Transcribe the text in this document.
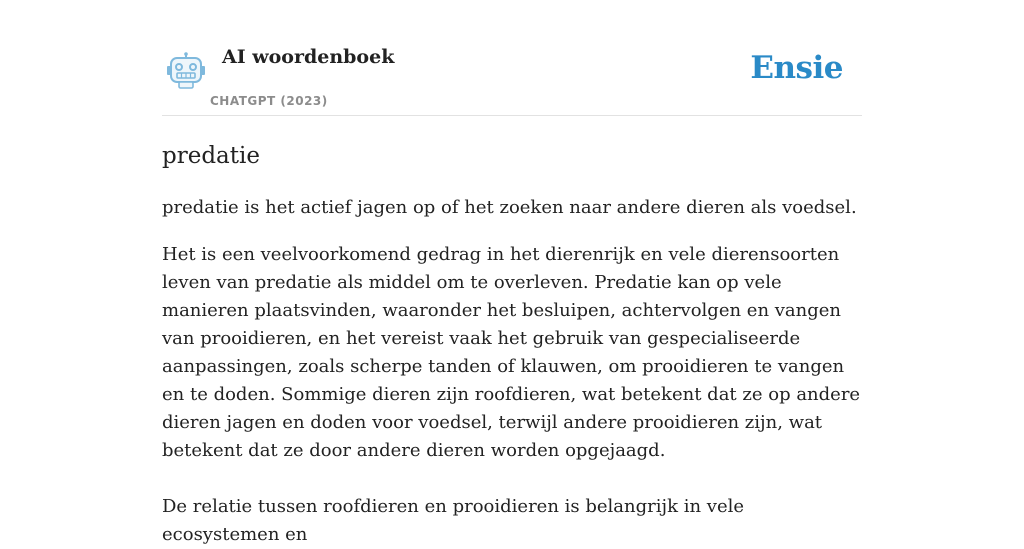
AI woordenboek
CHATGPT (2023)
Ensie
predatie

predatie is het actief jagen op of het zoeken naar andere dieren als voedsel.

Het is een veelvoorkomend gedrag in het dierenrijk en vele dierensoorten leven van predatie als middel om te overleven. Predatie kan op vele manieren plaatsvinden, waaronder het besluipen, achtervolgen en vangen van prooidieren, en het vereist vaak het gebruik van gespecialiseerde aanpassingen, zoals scherpe tanden of klauwen, om prooidieren te vangen en te doden. Sommige dieren zijn roofdieren, wat betekent dat ze op andere dieren jagen en doden voor voedsel, terwijl andere prooidieren zijn, wat betekent dat ze door andere dieren worden opgejaagd.

De relatie tussen roofdieren en prooidieren is belangrijk in vele ecosystemen en
